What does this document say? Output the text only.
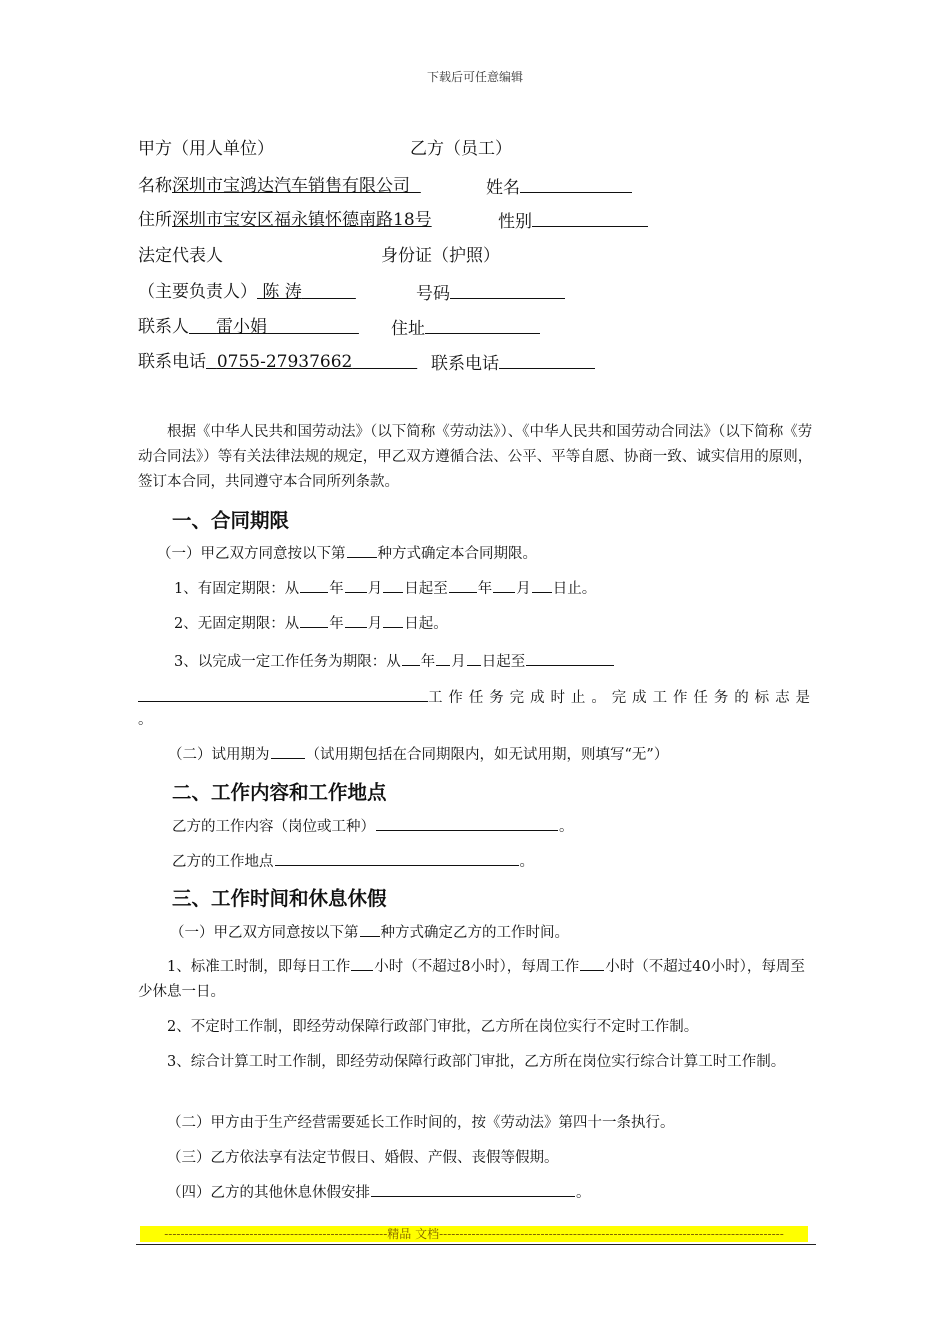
下载后可任意编辑
甲方（用人单位）	乙方（员工）
名称深圳市宝鸿达汽车销售有限公司	姓名
住所深圳市宝安区福永镇怀德南路18号	性别
法定代表人	身份证（护照）
（主要负责人） 陈 涛	号码
联系人 雷小娟	住址
联系电话 0755-27937662	联系电话
根据《中华人民共和国劳动法》（以下简称《劳动法》）、《中华人民共和国劳动合同法》（以下简称《劳动合同法》）等有关法律法规的规定，甲乙双方遵循合法、公平、平等自愿、协商一致、诚实信用的原则，签订本合同，共同遵守本合同所列条款。
一、合同期限
（一）甲乙双方同意按以下第 种方式确定本合同期限。
1、有固定期限：从 年 月 日起至 年 月 日止。
2、无固定期限：从 年 月 日起。
3、以完成一定工作任务为期限：从 年 月 日起至
工作任务完成时止。完成工作任务的标志是
。
（二）试用期为 （试用期包括在合同期限内，如无试用期，则填写“无”）
二、工作内容和工作地点
乙方的工作内容（岗位或工种）	。
乙方的工作地点	。
三、工作时间和休息休假
（一）甲乙双方同意按以下第 种方式确定乙方的工作时间。
1、标准工时制，即每日工作 小时（不超过8小时），每周工作 小时（不超过40小时），每周至少休息一日。
2、不定时工作制，即经劳动保障行政部门审批，乙方所在岗位实行不定时工作制。
3、综合计算工时工作制，即经劳动保障行政部门审批，乙方所在岗位实行综合计算工时工作制。
（二）甲方由于生产经营需要延长工作时间的，按《劳动法》第四十一条执行。
（三）乙方依法享有法定节假日、婚假、产假、丧假等假期。
（四）乙方的其他休息休假安排	。
-------------------------------------------------------精品 文档-------------------------------------------------------------------------------------
